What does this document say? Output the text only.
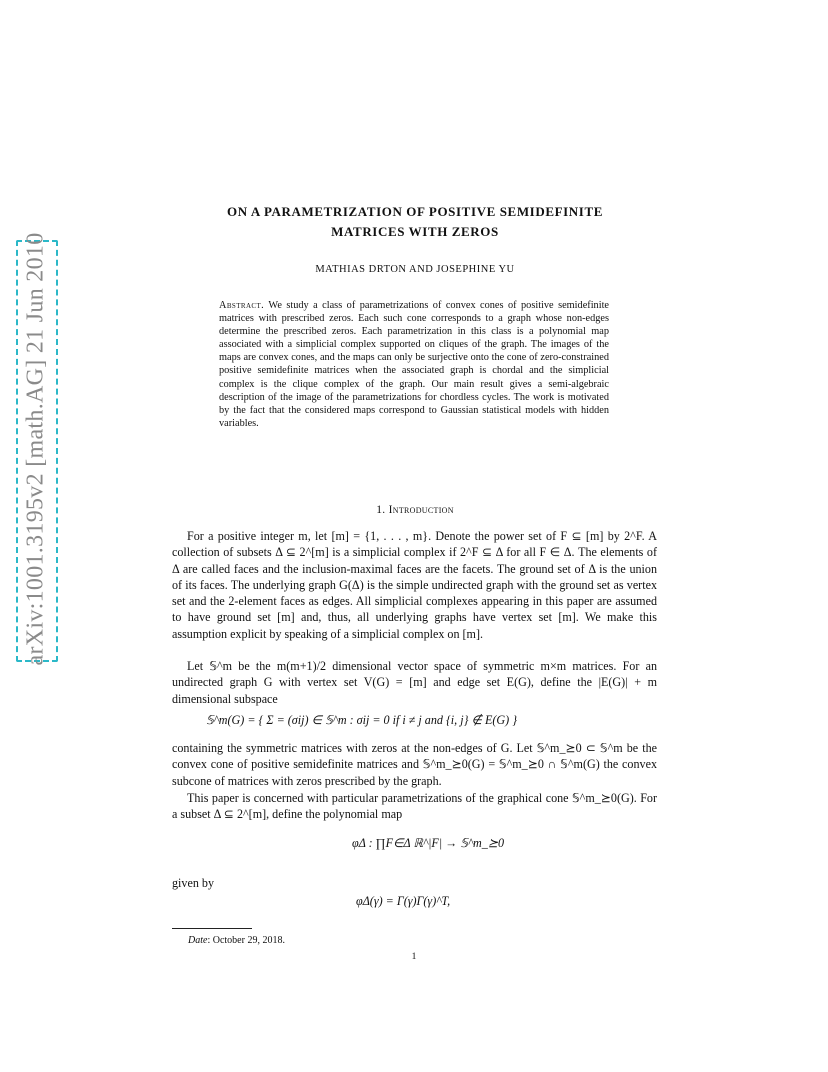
arXiv:1001.3195v2 [math.AG] 21 Jun 2010
ON A PARAMETRIZATION OF POSITIVE SEMIDEFINITE
MATRICES WITH ZEROS
MATHIAS DRTON AND JOSEPHINE YU
Abstract. We study a class of parametrizations of convex cones of positive semidefinite matrices with prescribed zeros. Each such cone corresponds to a graph whose non-edges determine the prescribed zeros. Each parametrization in this class is a polynomial map associated with a simplicial complex supported on cliques of the graph. The images of the maps are convex cones, and the maps can only be surjective onto the cone of zero-constrained positive semidefinite matrices when the associated graph is chordal and the simplicial complex is the clique complex of the graph. Our main result gives a semi-algebraic description of the image of the parametrizations for chordless cycles. The work is motivated by the fact that the considered maps correspond to Gaussian statistical models with hidden variables.
1. Introduction
For a positive integer m, let [m] = {1, . . . , m}. Denote the power set of F ⊆ [m] by 2^F. A collection of subsets Δ ⊆ 2^[m] is a simplicial complex if 2^F ⊆ Δ for all F ∈ Δ. The elements of Δ are called faces and the inclusion-maximal faces are the facets. The ground set of Δ is the union of its faces. The underlying graph G(Δ) is the simple undirected graph with the ground set as vertex set and the 2-element faces as edges. All simplicial complexes appearing in this paper are assumed to have ground set [m] and, thus, all underlying graphs have vertex set [m]. We make this assumption explicit by speaking of a simplicial complex on [m].
Let 𝕊^m be the m(m+1)/2 dimensional vector space of symmetric m×m matrices. For an undirected graph G with vertex set V(G) = [m] and edge set E(G), define the |E(G)| + m dimensional subspace
𝕊^m(G) = { Σ = (σij) ∈ 𝕊^m : σij = 0 if i ≠ j and {i, j} ∉ E(G) }
containing the symmetric matrices with zeros at the non-edges of G. Let 𝕊^m_⪰0 ⊂ 𝕊^m be the convex cone of positive semidefinite matrices and 𝕊^m_⪰0(G) = 𝕊^m_⪰0 ∩ 𝕊^m(G) the convex subcone of matrices with zeros prescribed by the graph.
This paper is concerned with particular parametrizations of the graphical cone 𝕊^m_⪰0(G). For a subset Δ ⊆ 2^[m], define the polynomial map
φΔ : ∏F∈Δ ℝ^|F| → 𝕊^m_⪰0
given by
φΔ(γ) = Γ(γ)Γ(γ)^T,
Date: October 29, 2018.
1
